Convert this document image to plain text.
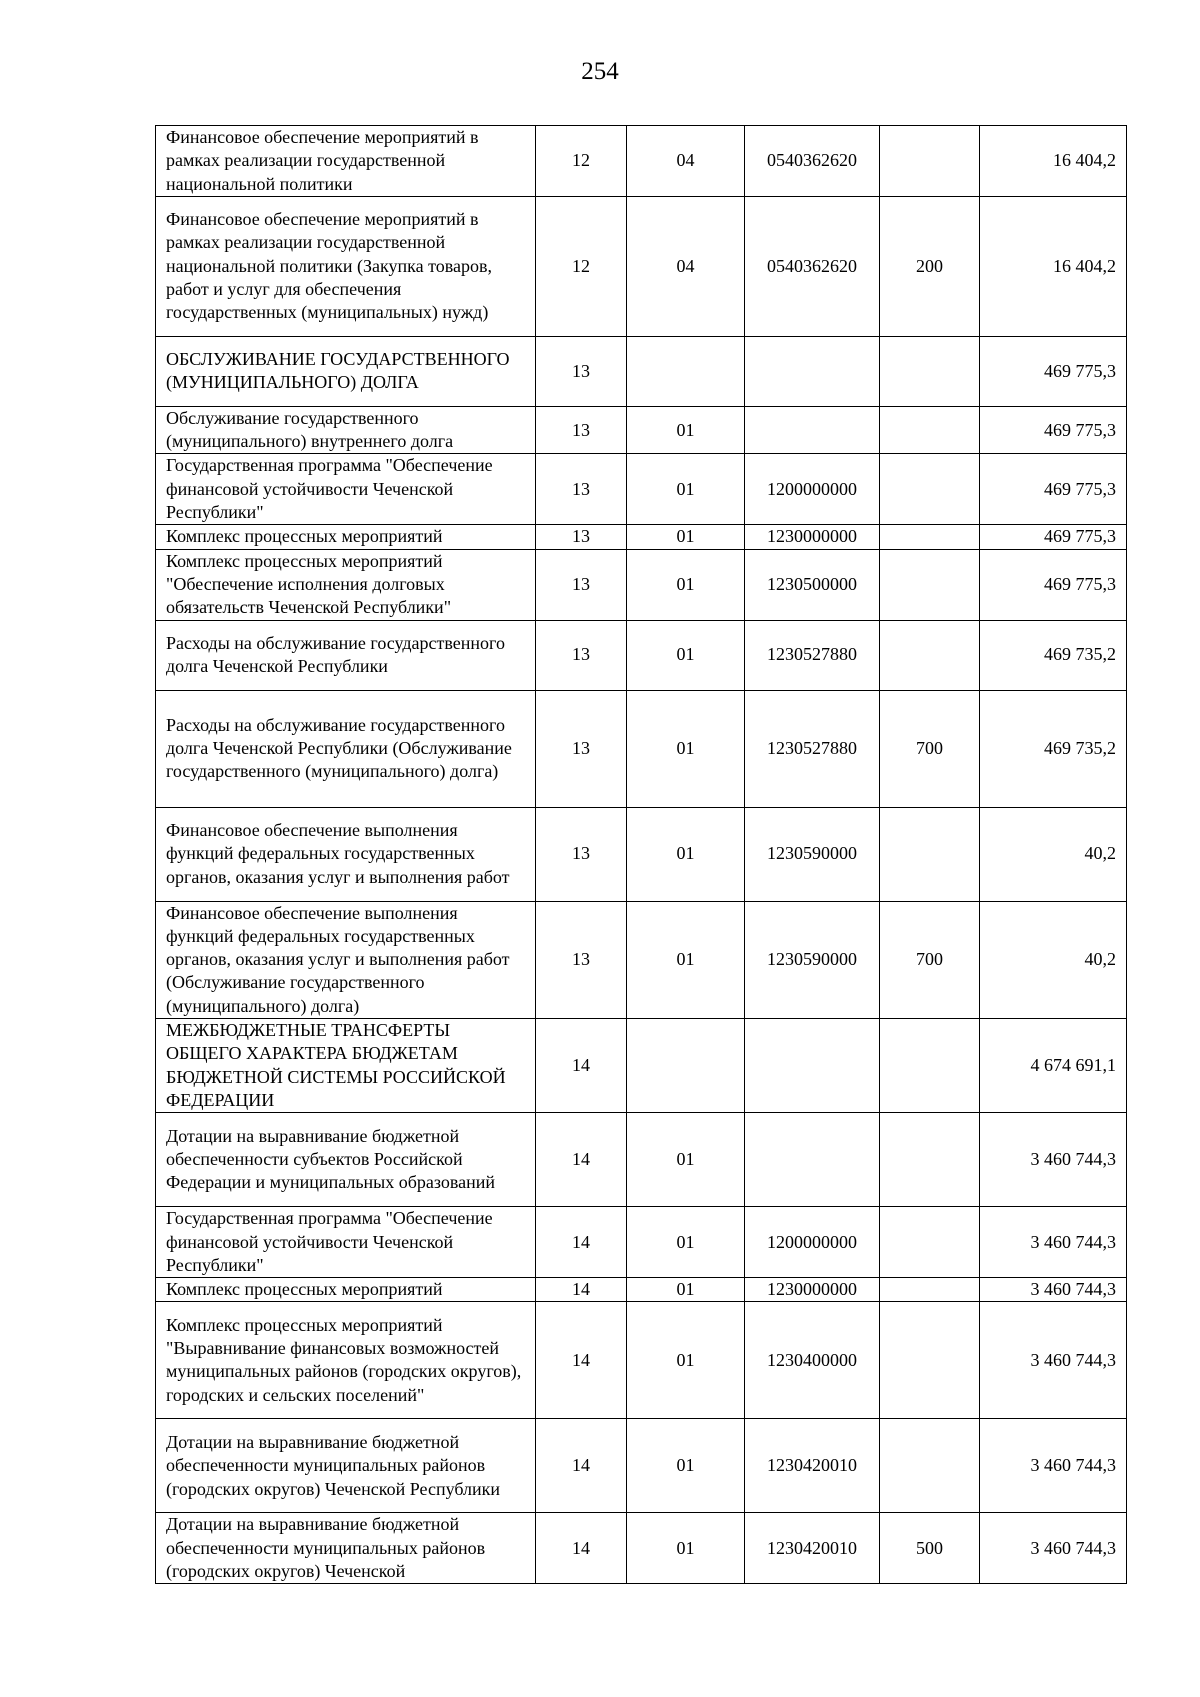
254
Финансовое обеспечение мероприятий в рамках реализации государственной национальной политики	12	04	0540362620		16 404,2
Финансовое обеспечение мероприятий в рамках реализации государственной национальной политики (Закупка товаров, работ и услуг для обеспечения государственных (муниципальных) нужд)	12	04	0540362620	200	16 404,2
ОБСЛУЖИВАНИЕ ГОСУДАРСТВЕННОГО (МУНИЦИПАЛЬНОГО) ДОЛГА	13				469 775,3
Обслуживание государственного (муниципального) внутреннего долга	13	01			469 775,3
Государственная программа "Обеспечение финансовой устойчивости Чеченской Республики"	13	01	1200000000		469 775,3
Комплекс процессных мероприятий	13	01	1230000000		469 775,3
Комплекс процессных мероприятий "Обеспечение исполнения долговых обязательств Чеченской Республики"	13	01	1230500000		469 775,3
Расходы на обслуживание государственного долга Чеченской Республики	13	01	1230527880		469 735,2
Расходы на обслуживание государственного долга Чеченской Республики (Обслуживание государственного (муниципального) долга)	13	01	1230527880	700	469 735,2
Финансовое обеспечение выполнения функций федеральных государственных органов, оказания услуг и выполнения работ	13	01	1230590000		40,2
Финансовое обеспечение выполнения функций федеральных государственных органов, оказания услуг и выполнения работ (Обслуживание государственного (муниципального) долга)	13	01	1230590000	700	40,2
МЕЖБЮДЖЕТНЫЕ ТРАНСФЕРТЫ ОБЩЕГО ХАРАКТЕРА БЮДЖЕТАМ БЮДЖЕТНОЙ СИСТЕМЫ РОССИЙСКОЙ ФЕДЕРАЦИИ	14				4 674 691,1
Дотации на выравнивание бюджетной обеспеченности субъектов Российской Федерации и муниципальных образований	14	01			3 460 744,3
Государственная программа "Обеспечение финансовой устойчивости Чеченской Республики"	14	01	1200000000		3 460 744,3
Комплекс процессных мероприятий	14	01	1230000000		3 460 744,3
Комплекс процессных мероприятий "Выравнивание финансовых возможностей муниципальных районов (городских округов), городских и сельских поселений"	14	01	1230400000		3 460 744,3
Дотации на выравнивание бюджетной обеспеченности муниципальных районов (городских округов) Чеченской Республики	14	01	1230420010		3 460 744,3
Дотации на выравнивание бюджетной обеспеченности муниципальных районов (городских округов) Чеченской	14	01	1230420010	500	3 460 744,3
